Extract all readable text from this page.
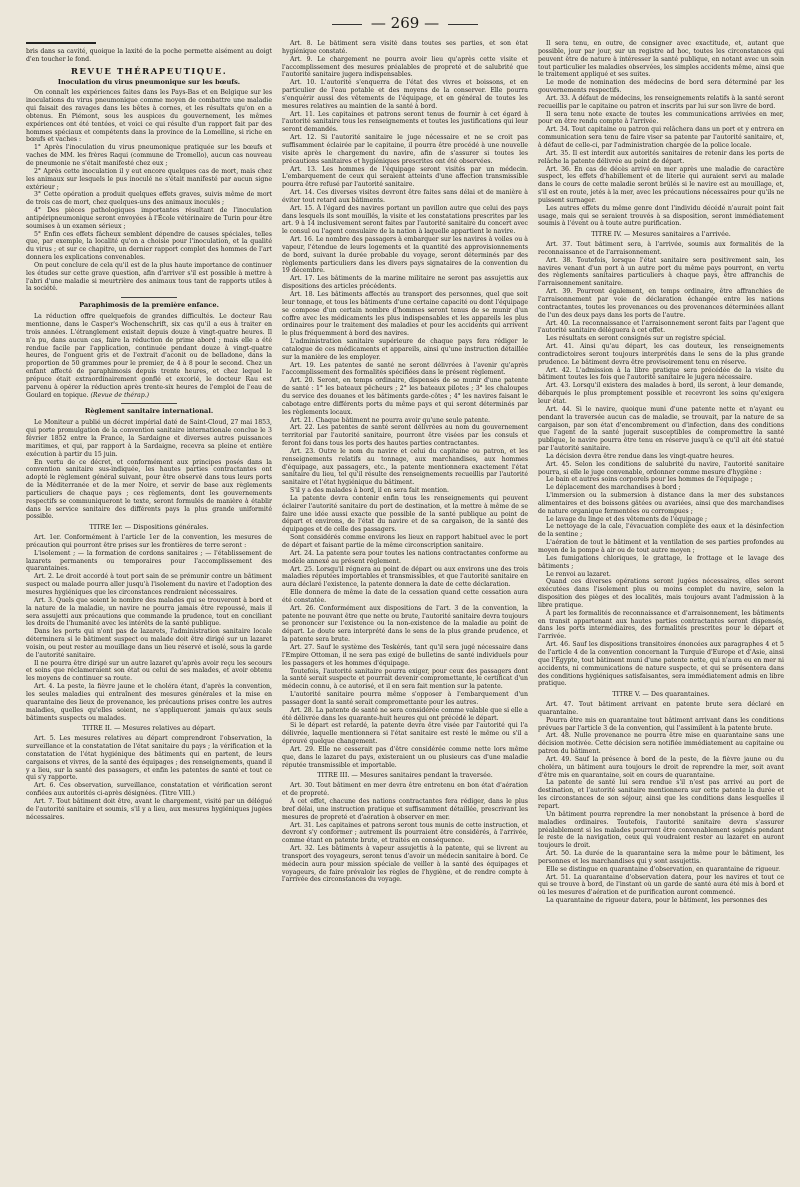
— 269 —

bris dans sa cavité, quoique la laxité de la poche permette aisément au doigt d'en toucher le fond.

REVUE THÉRAPEUTIQUE.
Inoculation du virus pneumonique sur les bœufs.

On connaît les expériences faites dans les Pays-Bas et en Belgique sur les inoculations du virus pneumonique comme moyen de combattre une maladie qui faisait des ravages dans les bêtes à cornes, et les résultats qu'on en a obtenus. En Piémont, sous les auspices du gouvernement, les mêmes expériences ont été tentées, et voici ce qui résulte d'un rapport fait par des hommes spéciaux et compétents dans la province de la Lomelline, si riche en bœufs et vaches :

1° Après l'inoculation du virus pneumonique pratiquée sur les bœufs et vaches de MM. les frères Raqui (commune de Tromello), aucun cas nouveau de pneumonie ne s'était manifesté chez eux ;

2° Après cette inoculation il y eut encore quelques cas de mort, mais chez les animaux sur lesquels le pus inoculé ne s'était manifesté par aucun signe extérieur ;

3° Cette opération a produit quelques effets graves, suivis même de mort de trois cas de mort, chez quelques-uns des animaux inoculés ;

4° Des pièces pathologiques importantes résultant de l'inoculation antipéripneumonique seront envoyées à l'École vétérinaire de Turin pour être soumises à un examen sérieux ;

5° Enfin ces effets fâcheux semblent dépendre de causes spéciales, telles que, par exemple, la localité qu'on a choisie pour l'inoculation, et la qualité du virus ; et sur ce chapitre, un dernier rapport complet des hommes de l'art donnera les explications convenables.

On peut conclure de cela qu'il est de la plus haute importance de continuer les études sur cette grave question, afin d'arriver s'il est possible à mettre à l'abri d'une maladie si meurtrière des animaux tous tant de rapports utiles à la société.

Paraphimosis de la première enfance.

La réduction offre quelquefois de grandes difficultés. Le docteur Rau mentionne, dans le Casper's Wochenschrift, six cas qu'il a eus à traiter en trois années. L'étranglement existait depuis douze à vingt-quatre heures. Il n'a pu, dans aucun cas, faire la réduction de prime abord ; mais elle a été rendue facile par l'application, continuée pendant douze à vingt-quatre heures, de l'onguent gris et de l'extrait d'aconit ou de belladone, dans la proportion de 50 grammes pour le premier, de 4 à 8 pour le second. Chez un enfant affecté de paraphimosis depuis trente heures, et chez lequel le prépuce était extraordinairement gonflé et excorié, le docteur Rau est parvenu à opérer la réduction après trente-six heures de l'emploi de l'eau de Goulard en topique. (Revue de thérap.)

Règlement sanitaire international.

Le Moniteur a publié un décret impérial daté de Saint-Cloud, 27 mai 1853, qui porte promulgation de la convention sanitaire internationale conclue le 3 février 1852 entre la France, la Sardaigne et diverses autres puissances maritimes, et qui, par rapport à la Sardaigne, recevra sa pleine et entière exécution à partir du 15 juin.

En vertu de ce décret, et conformément aux principes posés dans la convention sanitaire sus-indiquée, les hautes parties contractantes ont adopté le règlement général suivant, pour être observé dans tous leurs ports de la Méditerranée et de la mer Noire, et servir de base aux règlements particuliers de chaque pays ; ces règlements, dont les gouvernements respectifs se communiqueront le texte, seront formulés de manière à établir dans le service sanitaire des différents pays la plus grande uniformité possible.

TITRE Ier. — Dispositions générales.

Art. 1er. Conformément à l'article 1er de la convention, les mesures de précaution qui pourront être prises sur les frontières de terre seront :

L'isolement ; — la formation de cordons sanitaires ; — l'établissement de lazarets permanents ou temporaires pour l'accomplissement des quarantaines.

Art. 2. Le droit accordé à tout port sain de se prémunir contre un bâtiment suspect ou malade pourra aller jusqu'à l'isolement du navire et l'adoption des mesures hygiéniques que les circonstances rendraient nécessaires.

Art. 3. Quels que soient le nombre des malades qui se trouveront à bord et la nature de la maladie, un navire ne pourra jamais être repoussé, mais il sera assujetti aux précautions que commande la prudence, tout en conciliant les droits de l'humanité avec les intérêts de la santé publique.

Dans les ports qui n'ont pas de lazarets, l'administration sanitaire locale déterminera si le bâtiment suspect ou malade doit être dirigé sur un lazaret voisin, ou peut rester au mouillage dans un lieu réservé et isolé, sous la garde de l'autorité sanitaire.

Il ne pourra être dirigé sur un autre lazaret qu'après avoir reçu les secours et soins que réclameraient son état ou celui de ses malades, et avoir obtenu les moyens de continuer sa route.

Art. 4. La peste, la fièvre jaune et le choléra étant, d'après la convention, les seules maladies qui entraînent des mesures générales et la mise en quarantaine des lieux de provenance, les précautions prises contre les autres maladies, quelles qu'elles soient, ne s'appliqueront jamais qu'aux seuls bâtiments suspects ou malades.

TITRE II. — Mesures relatives au départ.

Art. 5. Les mesures relatives au départ comprendront l'observation, la surveillance et la constatation de l'état sanitaire du pays ; la vérification et la constatation de l'état hygiénique des bâtiments qui en partent, de leurs cargaisons et vivres, de la santé des équipages ; des renseignements, quand il y a lieu, sur la santé des passagers, et enfin les patentes de santé et tout ce qui s'y rapporte.

Art. 6. Ces observation, surveillance, constatation et vérification seront confiées aux autorités ci-après désignées. (Titre VIII.)

Art. 7. Tout bâtiment doit être, avant le chargement, visité par un délégué de l'autorité sanitaire et soumis, s'il y a lieu, aux mesures hygiéniques jugées nécessaires.

Art. 8. Le bâtiment sera visité dans toutes ses parties, et son état hygiénique constaté.

Art. 9. Le chargement ne pourra avoir lieu qu'après cette visite et l'accomplissement des mesures préalables de propreté et de salubrité que l'autorité sanitaire jugera indispensables.

Art. 10. L'autorité s'enquerra de l'état des vivres et boissons, et en particulier de l'eau potable et des moyens de la conserver. Elle pourra s'enquérir aussi des vêtements de l'équipage, et en général de toutes les mesures relatives au maintien de la santé à bord.

Art. 11. Les capitaines et patrons seront tenus de fournir à cet égard à l'autorité sanitaire tous les renseignements et toutes les justifications qui leur seront demandés.

Art. 12. Si l'autorité sanitaire le juge nécessaire et ne se croit pas suffisamment éclairée par le capitaine, il pourra être procédé à une nouvelle visite après le chargement du navire, afin de s'assurer si toutes les précautions sanitaires et hygiéniques prescrites ont été observées.

Art. 13. Les hommes de l'équipage seront visités par un médecin. L'embarquement de ceux qui seraient atteints d'une affection transmissible pourra être refusé par l'autorité sanitaire.

Art. 14. Ces diverses visites devront être faites sans délai et de manière à éviter tout retard aux bâtiments.

Art. 15. À l'égard des navires portant un pavillon autre que celui des pays dans lesquels ils sont mouillés, la visite et les constatations prescrites par les art. 9 à 14 inclusivement seront faites par l'autorité sanitaire du concert avec le consul ou l'agent consulaire de la nation à laquelle appartient le navire.

Art. 16. Le nombre des passagers à embarquer sur les navires à voiles ou à vapeur, l'étendue de leurs logements et la quantité des approvisionnements de bord, suivant la durée probable du voyage, seront déterminés par des règlements particuliers dans les divers pays signataires de la convention du 19 décembre.

Art. 17. Les bâtiments de la marine militaire ne seront pas assujettis aux dispositions des articles précédents.

Art. 18. Les bâtiments affectés au transport des personnes, quel que soit leur tonnage, et tous les bâtiments d'une certaine capacité ou dont l'équipage se compose d'un certain nombre d'hommes seront tenus de se munir d'un coffre avec les médicaments les plus indispensables et les appareils les plus ordinaires pour le traitement des maladies et pour les accidents qui arrivent le plus fréquemment à bord des navires.

L'administration sanitaire supérieure de chaque pays fera rédiger le catalogue de ces médicaments et appareils, ainsi qu'une instruction détaillée sur la manière de les employer.

Art. 19. Les patentes de santé ne seront délivrées à l'avenir qu'après l'accomplissement des formalités spécifiées dans le présent règlement.

Art. 20. Seront, en temps ordinaire, dispensés de se munir d'une patente de santé : 1° les bateaux pêcheurs ; 2° les bateaux pilotes ; 3° les chaloupes du service des douanes et les bâtiments garde-côtes ; 4° les navires faisant le cabotage entre différents ports du même pays et qui seront déterminés par les règlements locaux.

Art. 21. Chaque bâtiment ne pourra avoir qu'une seule patente.

Art. 22. Les patentes de santé seront délivrées au nom du gouvernement territorial par l'autorité sanitaire, pourront être visées par les consuls et feront foi dans tous les ports des hautes parties contractantes.

Art. 23. Outre le nom du navire et celui du capitaine ou patron, et les renseignements relatifs au tonnage, aux marchandises, aux hommes d'équipage, aux passagers, etc., la patente mentionnera exactement l'état sanitaire du lieu, tel qu'il résulte des renseignements recueillis par l'autorité sanitaire et l'état hygiénique du bâtiment.

S'il y a des malades à bord, il en sera fait mention.

La patente devra contenir enfin tous les renseignements qui peuvent éclairer l'autorité sanitaire du port de destination, et la mettre à même de se faire une idée aussi exacte que possible de la santé publique au point de départ et environs, de l'état du navire et de sa cargaison, de la santé des équipages et de celle des passagers.

Sont considérés comme environs les lieux en rapport habituel avec le port de départ et faisant partie de la même circonscription sanitaire.

Art. 24. La patente sera pour toutes les nations contractantes conforme au modèle annexé au présent règlement.

Art. 25. Lorsqu'il régnera au point de départ ou aux environs une des trois maladies réputées importables et transmissibles, et que l'autorité sanitaire en aura déclaré l'existence, la patente donnera la date de cette déclaration.

Elle donnera de même la date de la cessation quand cette cessation aura été constatée.

Art. 26. Conformément aux dispositions de l'art. 3 de la convention, la patente ne pouvant être que nette ou brute, l'autorité sanitaire devra toujours se prononcer sur l'existence ou la non-existence de la maladie au point de départ. Le doute sera interprété dans le sens de la plus grande prudence, et la patente sera brute.

Art. 27. Sauf le système des Teskérés, tant qu'il sera jugé nécessaire dans l'Empire Ottoman, il ne sera pas exigé de bulletins de santé individuels pour les passagers et les hommes d'équipage.

Toutefois, l'autorité sanitaire pourra exiger, pour ceux des passagers dont la santé serait suspecte et pourrait devenir compromettante, le certificat d'un médecin connu, à ce autorisé, et il en sera fait mention sur la patente.

L'autorité sanitaire pourra même s'opposer à l'embarquement d'un passager dont la santé serait compromettante pour les autres.

Art. 28. La patente de santé ne sera considérée comme valable que si elle a été délivrée dans les quarante-huit heures qui ont précédé le départ.

Si le départ est retardé, la patente devra être visée par l'autorité qui l'a délivrée, laquelle mentionnera si l'état sanitaire est resté le même ou s'il a éprouvé quelque changement.

Art. 29. Elle ne cesserait pas d'être considérée comme nette lors même que, dans le lazaret du pays, existeraient un ou plusieurs cas d'une maladie réputée transmissible et importable.

TITRE III. — Mesures sanitaires pendant la traversée.

Art. 30. Tout bâtiment en mer devra être entretenu en bon état d'aération et de propreté.

À cet effet, chacune des nations contractantes fera rédiger, dans le plus bref délai, une instruction pratique et suffisamment détaillée, prescrivant les mesures de propreté et d'aération à observer en mer.

Art. 31. Les capitaines et patrons seront tous munis de cette instruction, et devront s'y conformer ; autrement ils pourraient être considérés, à l'arrivée, comme étant en patente brute, et traités en conséquence.

Art. 32. Les bâtiments à vapeur assujettis à la patente, qui se livrent au transport des voyageurs, seront tenus d'avoir un médecin sanitaire à bord. Ce médecin aura pour mission spéciale de veiller à la santé des équipages et voyageurs, de faire prévaloir les règles de l'hygiène, et de rendre compte à l'arrivée des circonstances du voyage.

Il sera tenu, en outre, de consigner avec exactitude, et, autant que possible, jour par jour, sur un registre ad hoc, toutes les circonstances qui peuvent être de nature à intéresser la santé publique, en notant avec un soin tout particulier les maladies observées, les simples accidents même, ainsi que le traitement appliqué et ses suites.

Le mode de nomination des médecins de bord sera déterminé par les gouvernements respectifs.

Art. 33. À défaut de médecins, les renseignements relatifs à la santé seront recueillis par le capitaine ou patron et inscrits par lui sur son livre de bord.

Il sera tenu note exacte de toutes les communications arrivées en mer, pour en être rendu compte à l'arrivée.

Art. 34. Tout capitaine ou patron qui relâchera dans un port et y entrera en communication sera tenu de faire viser sa patente par l'autorité sanitaire, et, à défaut de celle-ci, par l'administration chargée de la police locale.

Art. 35. Il est interdit aux autorités sanitaires de retenir dans les ports de relâche la patente délivrée au point de départ.

Art. 36. En cas de décès arrivé en mer après une maladie de caractère suspect, les effets d'habillement et de literie qui auraient servi au malade dans le cours de cette maladie seront brûlés si le navire est au mouillage, et, s'il est en route, jetés à la mer, avec les précautions nécessaires pour qu'ils ne puissent surnager.

Les autres effets du même genre dont l'individu décédé n'aurait point fait usage, mais qui se seraient trouvés à sa disposition, seront immédiatement soumis à l'évent ou à toute autre purification.

TITRE IV. — Mesures sanitaires a l'arrivée.

Art. 37. Tout bâtiment sera, à l'arrivée, soumis aux formalités de la reconnaissance et de l'arraisonnement.

Art. 38. Toutefois, lorsque l'état sanitaire sera positivement sain, les navires venant d'un port à un autre port du même pays pourront, en vertu des règlements sanitaires particuliers à chaque pays, être affranchis de l'arraisonnement sanitaire.

Art. 39. Pourront également, en temps ordinaire, être affranchies de l'arraisonnement par voie de déclaration échangée entre les nations contractantes, toutes les provenances ou des provenances déterminées allant de l'un des deux pays dans les ports de l'autre.

Art. 40. La reconnaissance et l'arraisonnement seront faits par l'agent que l'autorité sanitaire déléguera à cet effet.

Les résultats en seront consignés sur un registre spécial.

Art. 41. Ainsi qu'au départ, les cas douteux, les renseignements contradictoires seront toujours interprétés dans le sens de la plus grande prudence. Le bâtiment devra être provisoirement tenu en réserve.

Art. 42. L'admission à la libre pratique sera précédée de la visite du bâtiment toutes les fois que l'autorité sanitaire le jugera nécessaire.

Art. 43. Lorsqu'il existera des malades à bord, ils seront, à leur demande, débarqués le plus promptement possible et recevront les soins qu'exigera leur état.

Art. 44. Si le navire, quoique muni d'une patente nette et n'ayant eu pendant la traversée aucun cas de maladie, se trouvait, par la nature de sa cargaison, par son état d'encombrement ou d'infection, dans des conditions que l'agent de la santé jugerait susceptibles de compromettre la santé publique, le navire pourra être tenu en réserve jusqu'à ce qu'il ait été statué par l'autorité sanitaire.

La décision devra être rendue dans les vingt-quatre heures.

Art. 45. Selon les conditions de salubrité du navire, l'autorité sanitaire pourra, si elle le juge convenable, ordonner comme mesure d'hygiène :

Le bain et autres soins corporels pour les hommes de l'équipage ;

Le déplacement des marchandises à bord ;

L'immersion ou la submersion à distance dans la mer des substances alimentaires et des boissons gâtées ou avariées, ainsi que des marchandises de nature organique fermentées ou corrompues ;

Le lavage du linge et des vêtements de l'équipage ;

Le nettoyage de la cale, l'évacuation complète des eaux et la désinfection de la sentine ;

L'aération de tout le bâtiment et la ventilation de ses parties profondes au moyen de la pompe à air ou de tout autre moyen ;

Les fumigations chloriques, le grattage, le frottage et le lavage des bâtiments ;

Le renvoi au lazaret.

Quand ces diverses opérations seront jugées nécessaires, elles seront exécutées dans l'isolement plus ou moins complet du navire, selon la disposition des pièges et des localités, mais toujours avant l'admission à la libre pratique.

À part les formalités de reconnaissance et d'arraisonnement, les bâtiments en transit appartenant aux hautes parties contractantes seront dispensés, dans les ports intermédiaires, des formalités prescrites pour le départ et l'arrivée.

Art. 46. Sauf les dispositions transitoires énoncées aux paragraphes 4 et 5 de l'article 4 de la convention concernant la Turquie d'Europe et d'Asie, ainsi que l'Égypte, tout bâtiment muni d'une patente nette, qui n'aura eu en mer ni accidents, ni communications de nature suspecte, et qui se présentera dans des conditions hygiéniques satisfaisantes, sera immédiatement admis en libre pratique.

TITRE V. — Des quarantaines.

Art. 47. Tout bâtiment arrivant en patente brute sera déclaré en quarantaine.

Pourra être mis en quarantaine tout bâtiment arrivant dans les conditions prévues par l'article 3 de la convention, qui l'assimilent à la patente brute.

Art. 48. Nulle provenance ne pourra être mise en quarantaine sans une décision motivée. Cette décision sera notifiée immédiatement au capitaine ou patron du bâtiment.

Art. 49. Sauf la présence à bord de la peste, de la fièvre jaune ou du choléra, un bâtiment aura toujours le droit de reprendre la mer, soit avant d'être mis en quarantaine, soit en cours de quarantaine.

La patente de santé lui sera rendue s'il n'est pas arrivé au port de destination, et l'autorité sanitaire mentionnera sur cette patente la durée et les circonstances de son séjour, ainsi que les conditions dans lesquelles il repart.

Un bâtiment pourra reprendre la mer nonobstant la présence à bord de maladies ordinaires. Toutefois, l'autorité sanitaire devra s'assurer préalablement si les malades pourront être convenablement soignés pendant le reste de la navigation, ceux qui voudraient rester au lazaret en auront toujours le droit.

Art. 50. La durée de la quarantaine sera la même pour le bâtiment, les personnes et les marchandises qui y sont assujettis.

Elle se distingue en quarantaine d'observation, en quarantaine de rigueur.

Art. 51. La quarantaine d'observation datera, pour les navires et tout ce qui se trouve à bord, de l'instant où un garde de santé aura été mis à bord et où les mesures d'aération et de purification auront commencé.

La quarantaine de rigueur datera, pour le bâtiment, les personnes des
